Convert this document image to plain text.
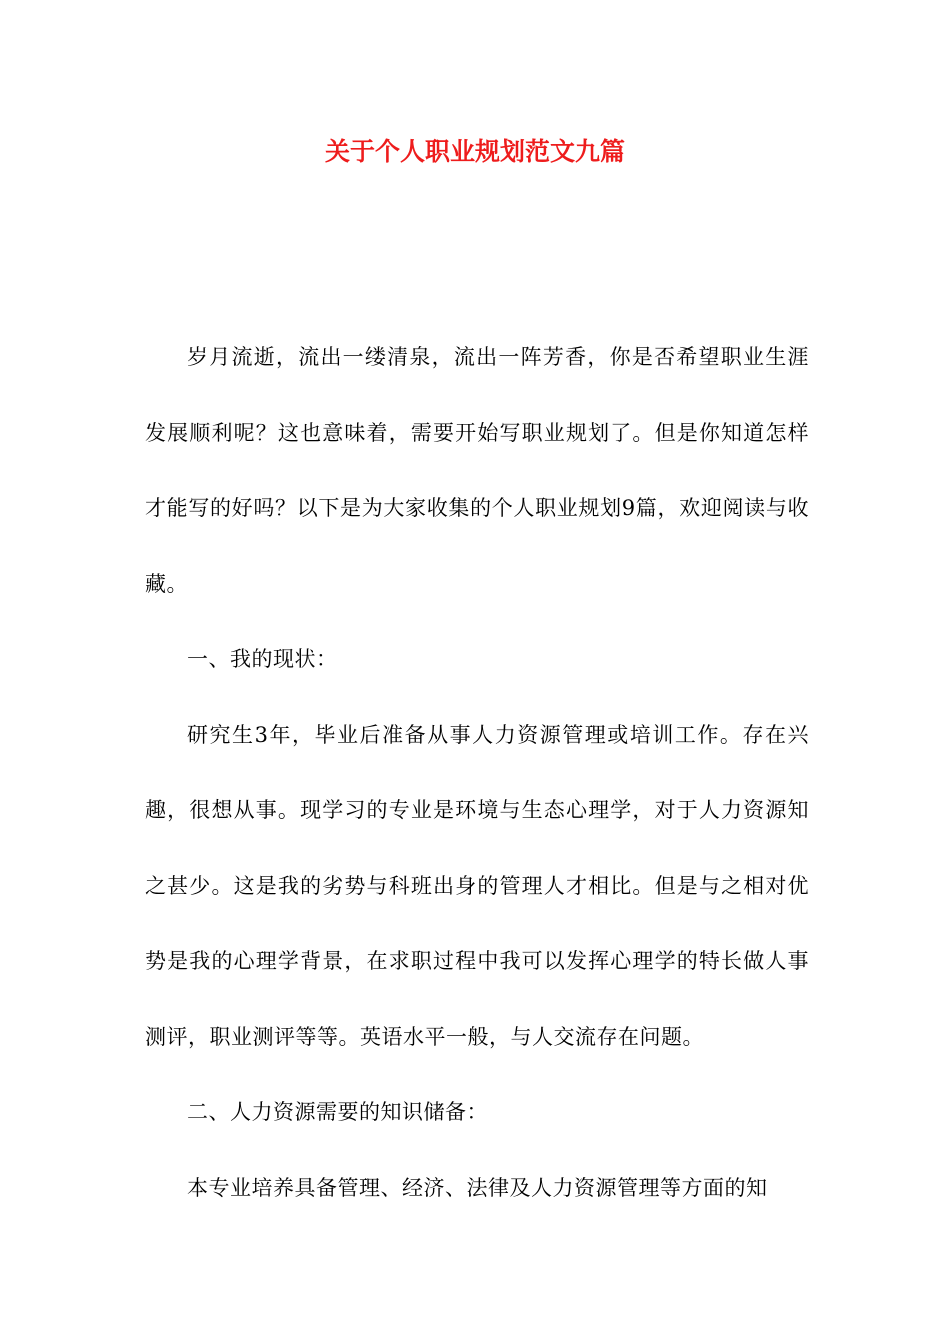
关于个人职业规划范文九篇

岁月流逝，流出一缕清泉，流出一阵芳香，你是否希望职业生涯发展顺利呢？这也意味着，需要开始写职业规划了。但是你知道怎样才能写的好吗？以下是为大家收集的个人职业规划9篇，欢迎阅读与收藏。

一、我的现状：

研究生3年，毕业后准备从事人力资源管理或培训工作。存在兴趣，很想从事。现学习的专业是环境与生态心理学，对于人力资源知之甚少。这是我的劣势与科班出身的管理人才相比。但是与之相对优势是我的心理学背景，在求职过程中我可以发挥心理学的特长做人事测评，职业测评等等。英语水平一般，与人交流存在问题。

二、人力资源需要的知识储备：

本专业培养具备管理、经济、法律及人力资源管理等方面的知
